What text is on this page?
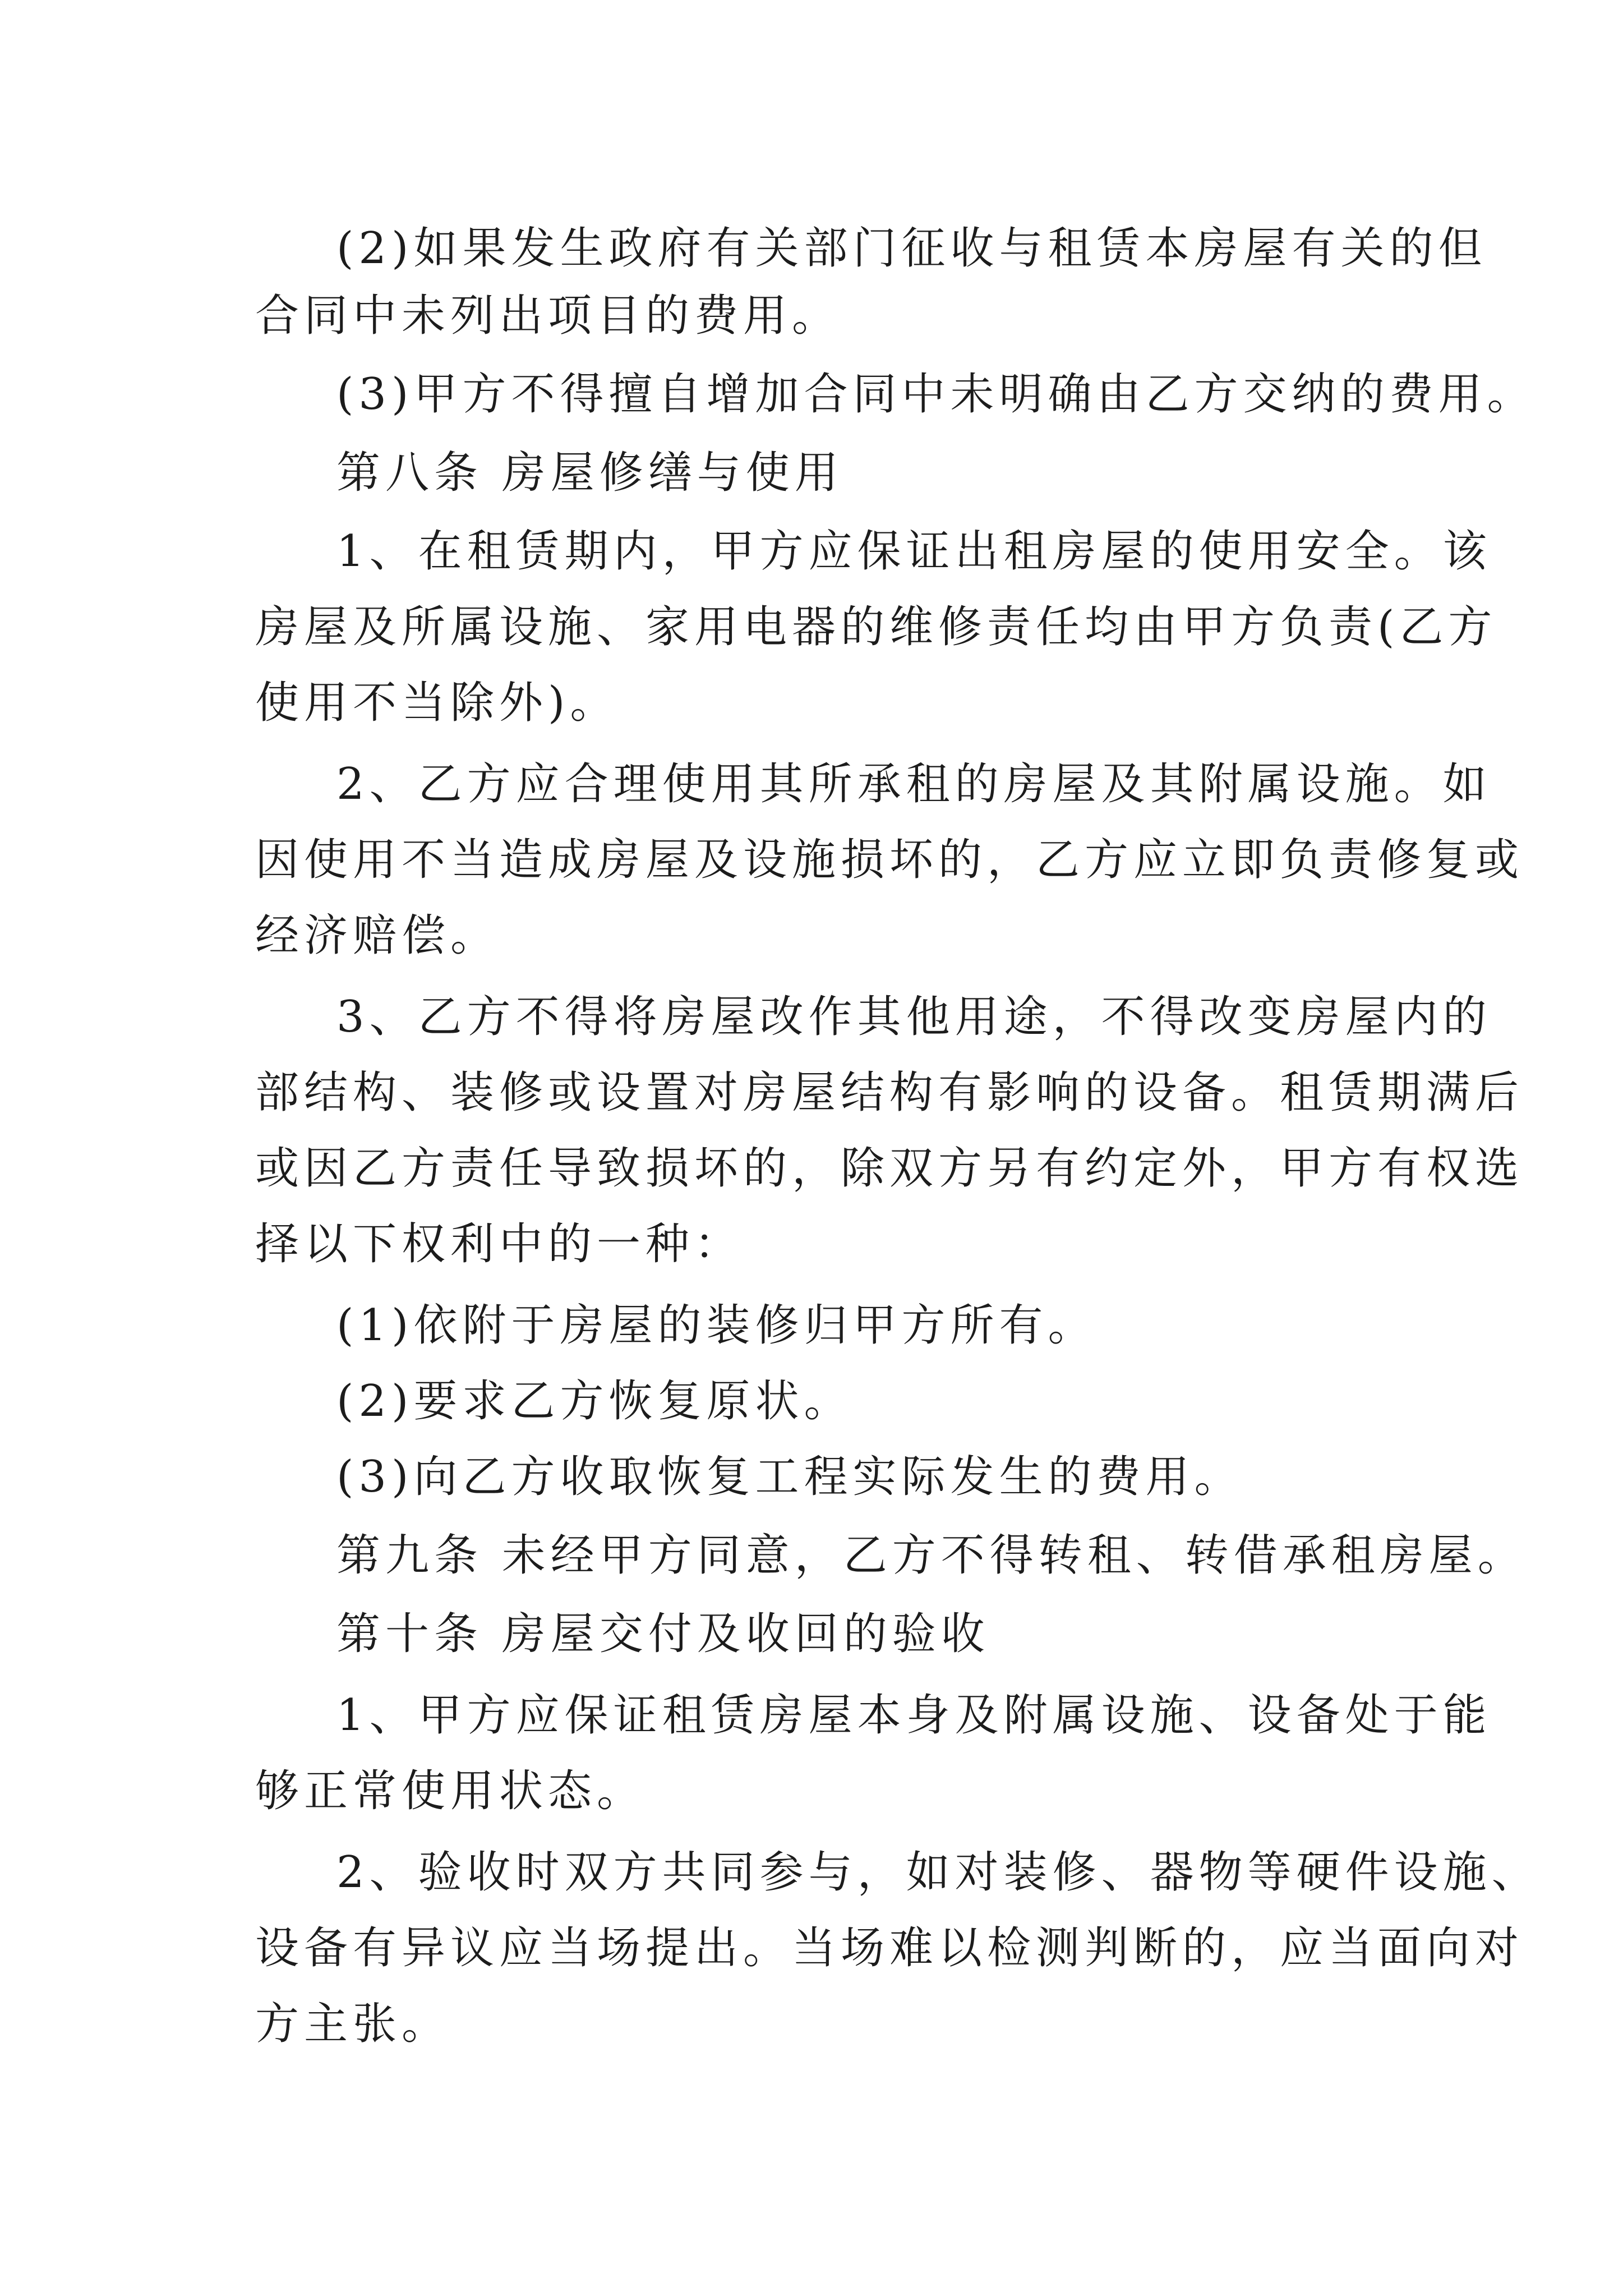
(2)如果发生政府有关部门征收与租赁本房屋有关的但

合同中未列出项目的费用。

(3)甲方不得擅自增加合同中未明确由乙方交纳的费用。

第八条 房屋修缮与使用

1、在租赁期内，甲方应保证出租房屋的使用安全。该

房屋及所属设施、家用电器的维修责任均由甲方负责(乙方

使用不当除外)。

2、乙方应合理使用其所承租的房屋及其附属设施。如

因使用不当造成房屋及设施损坏的，乙方应立即负责修复或

经济赔偿。

3、乙方不得将房屋改作其他用途，不得改变房屋内的

部结构、装修或设置对房屋结构有影响的设备。租赁期满后

或因乙方责任导致损坏的，除双方另有约定外，甲方有权选

择以下权利中的一种：

(1)依附于房屋的装修归甲方所有。

(2)要求乙方恢复原状。

(3)向乙方收取恢复工程实际发生的费用。

第九条 未经甲方同意，乙方不得转租、转借承租房屋。

第十条 房屋交付及收回的验收

1、甲方应保证租赁房屋本身及附属设施、设备处于能

够正常使用状态。

2、验收时双方共同参与，如对装修、器物等硬件设施、

设备有异议应当场提出。当场难以检测判断的，应当面向对

方主张。
